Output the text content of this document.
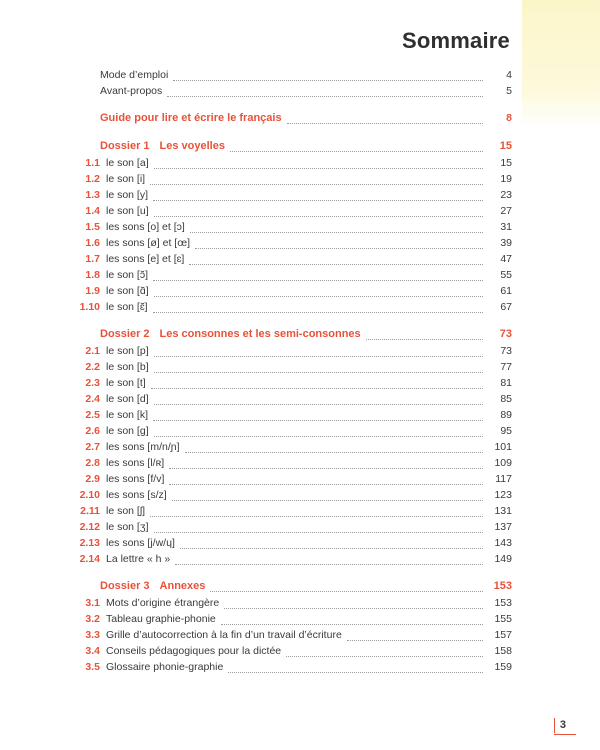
Sommaire
Mode d’emploi	4
Avant-propos	5
Guide pour lire et écrire le français	8
Dossier 1 Les voyelles	15
1.1 le son [a]	15
1.2 le son [i]	19
1.3 le son [y]	23
1.4 le son [u]	27
1.5 les sons [o] et [ɔ]	31
1.6 les sons [ø] et [œ]	39
1.7 les sons [e] et [ɛ]	47
1.8 le son [ɔ̃]	55
1.9 le son [ɑ̃]	61
1.10 le son [ɛ̃]	67
Dossier 2 Les consonnes et les semi-consonnes	73
2.1 le son [p]	73
2.2 le son [b]	77
2.3 le son [t]	81
2.4 le son [d]	85
2.5 le son [k]	89
2.6 le son [g]	95
2.7 les sons [m/n/ɲ]	101
2.8 les sons [l/ʀ]	109
2.9 les sons [f/v]	117
2.10 les sons [s/z]	123
2.11 le son [ʃ]	131
2.12 le son [ʒ]	137
2.13 les sons [j/w/ɥ]	143
2.14 La lettre « h »	149
Dossier 3 Annexes	153
3.1 Mots d’origine étrangère	153
3.2 Tableau graphie-phonie	155
3.3 Grille d’autocorrection à la fin d’un travail d’écriture	157
3.4 Conseils pédagogiques pour la dictée	158
3.5 Glossaire phonie-graphie	159
3
